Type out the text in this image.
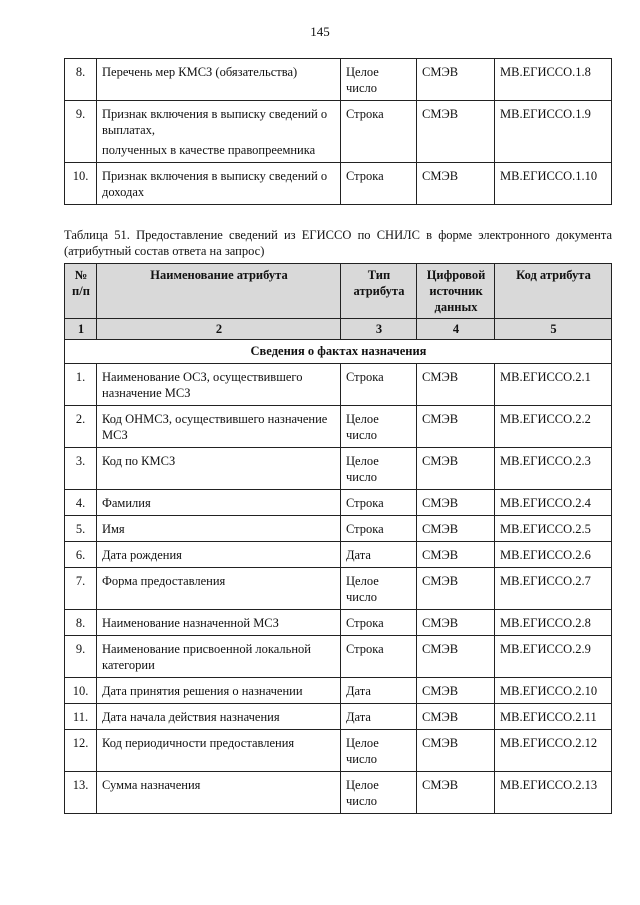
145
8.	Перечень мер КМСЗ (обязательства)	Целое число	СМЭВ	МВ.ЕГИССО.1.8
9.	Признак включения в выписку сведений о выплатах,
полученных в качестве правопреемника	Строка	СМЭВ	МВ.ЕГИССО.1.9
10.	Признак включения в выписку сведений о доходах	Строка	СМЭВ	МВ.ЕГИССО.1.10
Таблица 51. Предоставление сведений из ЕГИССО по СНИЛС в форме электронного документа (атрибутный состав ответа на запрос)
№ п/п	Наименование атрибута	Тип атрибута	Цифровой источник данных	Код атрибута
1	2	3	4	5
Сведения о фактах назначения				
1.	Наименование ОСЗ, осуществившего назначение МСЗ	Строка	СМЭВ	МВ.ЕГИССО.2.1
2.	Код ОНМСЗ, осуществившего назначение МСЗ	Целое число	СМЭВ	МВ.ЕГИССО.2.2
3.	Код по КМСЗ	Целое число	СМЭВ	МВ.ЕГИССО.2.3
4.	Фамилия	Строка	СМЭВ	МВ.ЕГИССО.2.4
5.	Имя	Строка	СМЭВ	МВ.ЕГИССО.2.5
6.	Дата рождения	Дата	СМЭВ	МВ.ЕГИССО.2.6
7.	Форма предоставления	Целое число	СМЭВ	МВ.ЕГИССО.2.7
8.	Наименование назначенной МСЗ	Строка	СМЭВ	МВ.ЕГИССО.2.8
9.	Наименование присвоенной локальной категории	Строка	СМЭВ	МВ.ЕГИССО.2.9
10.	Дата принятия решения о назначении	Дата	СМЭВ	МВ.ЕГИССО.2.10
11.	Дата начала действия назначения	Дата	СМЭВ	МВ.ЕГИССО.2.11
12.	Код периодичности предоставления	Целое число	СМЭВ	МВ.ЕГИССО.2.12
13.	Сумма назначения	Целое число	СМЭВ	МВ.ЕГИССО.2.13
